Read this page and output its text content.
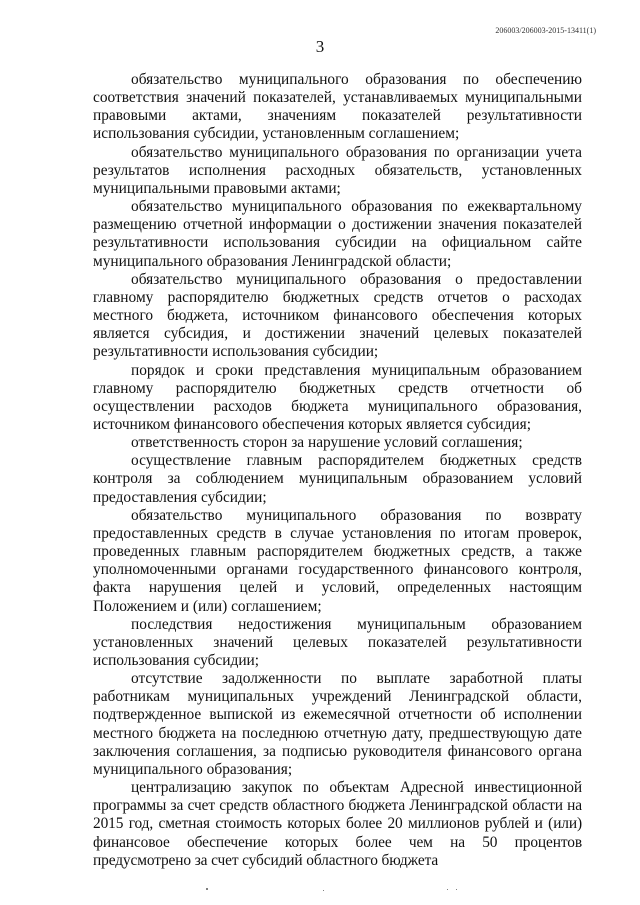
206003/206003-2015-13411(1)
3

обязательство муниципального образования по обеспечению соответствия значений показателей, устанавливаемых муниципальными правовыми актами, значениям показателей результативности использования субсидии, установленным соглашением;

обязательство муниципального образования по организации учета результатов исполнения расходных обязательств, установленных муниципальными правовыми актами;

обязательство муниципального образования по ежеквартальному размещению отчетной информации о достижении значения показателей результативности использования субсидии на официальном сайте муниципального образования Ленинградской области;

обязательство муниципального образования о предоставлении главному распорядителю бюджетных средств отчетов о расходах местного бюджета, источником финансового обеспечения которых является субсидия, и достижении значений целевых показателей результативности использования субсидии;

порядок и сроки представления муниципальным образованием главному распорядителю бюджетных средств отчетности об осуществлении расходов бюджета муниципального образования, источником финансового обеспечения которых является субсидия;

ответственность сторон за нарушение условий соглашения;

осуществление главным распорядителем бюджетных средств контроля за соблюдением муниципальным образованием условий предоставления субсидии;

обязательство муниципального образования по возврату предоставленных средств в случае установления по итогам проверок, проведенных главным распорядителем бюджетных средств, а также уполномоченными органами государственного финансового контроля, факта нарушения целей и условий, определенных настоящим Положением и (или) соглашением;

последствия недостижения муниципальным образованием установленных значений целевых показателей результативности использования субсидии;

отсутствие задолженности по выплате заработной платы работникам муниципальных учреждений Ленинградской области, подтвержденное выпиской из ежемесячной отчетности об исполнении местного бюджета на последнюю отчетную дату, предшествующую дате заключения соглашения, за подписью руководителя финансового органа муниципального образования;

централизацию закупок по объектам Адресной инвестиционной программы за счет средств областного бюджета Ленинградской области на 2015 год, сметная стоимость которых более 20 миллионов рублей и (или) финансовое обеспечение которых более чем на 50 процентов предусмотрено за счет субсидий областного бюджета
